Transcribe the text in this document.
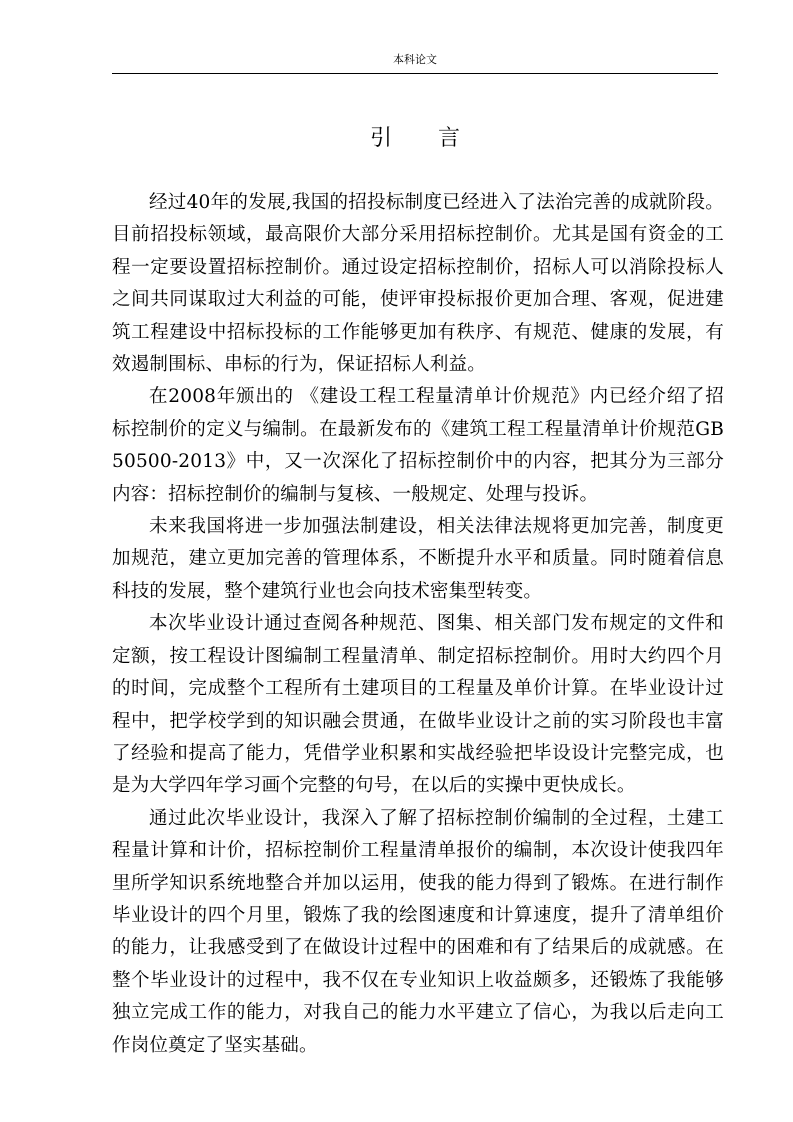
本科论文
引言

经过40年的发展,我国的招投标制度已经进入了法治完善的成就阶段。目前招投标领域，最高限价大部分采用招标控制价。尤其是国有资金的工程一定要设置招标控制价。通过设定招标控制价，招标人可以消除投标人之间共同谋取过大利益的可能，使评审投标报价更加合理、客观，促进建筑工程建设中招标投标的工作能够更加有秩序、有规范、健康的发展，有效遏制围标、串标的行为，保证招标人利益。

在2008年颁出的 《建设工程工程量清单计价规范》内已经介绍了招标控制价的定义与编制。在最新发布的《建筑工程工程量清单计价规范GB50500-2013》中，又一次深化了招标控制价中的内容，把其分为三部分内容：招标控制价的编制与复核、一般规定、处理与投诉。

未来我国将进一步加强法制建设，相关法律法规将更加完善，制度更加规范，建立更加完善的管理体系，不断提升水平和质量。同时随着信息科技的发展，整个建筑行业也会向技术密集型转变。

本次毕业设计通过查阅各种规范、图集、相关部门发布规定的文件和定额，按工程设计图编制工程量清单、制定招标控制价。用时大约四个月的时间，完成整个工程所有土建项目的工程量及单价计算。在毕业设计过程中，把学校学到的知识融会贯通，在做毕业设计之前的实习阶段也丰富了经验和提高了能力，凭借学业积累和实战经验把毕设设计完整完成，也是为大学四年学习画个完整的句号，在以后的实操中更快成长。

通过此次毕业设计，我深入了解了招标控制价编制的全过程，土建工程量计算和计价，招标控制价工程量清单报价的编制，本次设计使我四年里所学知识系统地整合并加以运用，使我的能力得到了锻炼。在进行制作毕业设计的四个月里，锻炼了我的绘图速度和计算速度，提升了清单组价的能力，让我感受到了在做设计过程中的困难和有了结果后的成就感。在整个毕业设计的过程中，我不仅在专业知识上收益颇多，还锻炼了我能够独立完成工作的能力，对我自己的能力水平建立了信心，为我以后走向工作岗位奠定了坚实基础。
